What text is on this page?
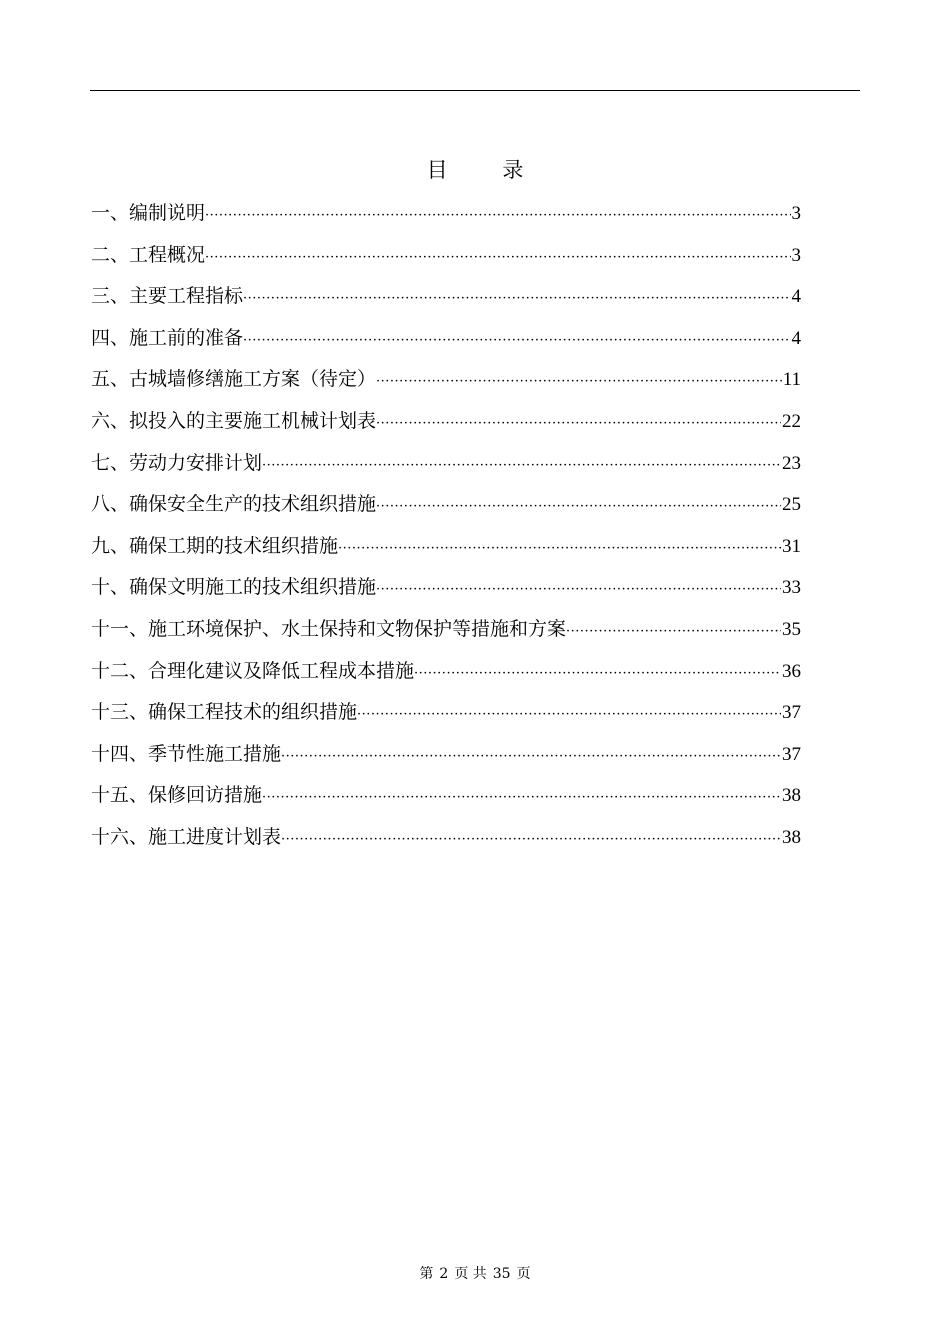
目 录
一、编制说明 ·····	3
二、工程概况 ·····	3
三、主要工程指标 ·····	4
四、施工前的准备 ·····	4
五、古城墙修缮施工方案（待定） ·····	11
六、拟投入的主要施工机械计划表 ·····	22
七、劳动力安排计划 ·····	23
八、确保安全生产的技术组织措施 ·····	25
九、确保工期的技术组织措施 ·····	31
十、确保文明施工的技术组织措施 ·····	33
十一、施工环境保护、水土保持和文物保护等措施和方案 ·····	35
十二、合理化建议及降低工程成本措施 ·····	36
十三、确保工程技术的组织措施 ·····	37
十四、季节性施工措施 ·····	37
十五、保修回访措施 ·····	38
十六、施工进度计划表 ·····	38
第 2 页 共 35 页
